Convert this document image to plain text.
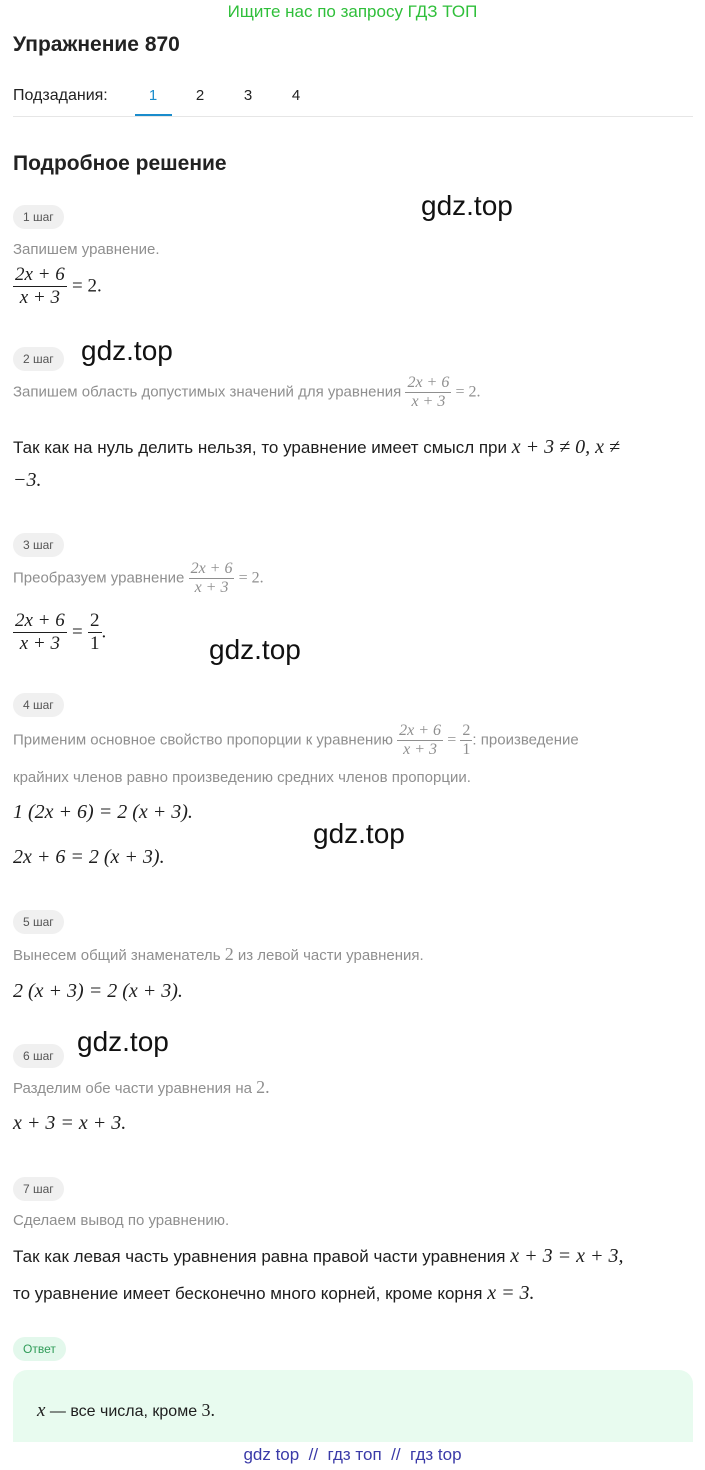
Ищите нас по запросу ГДЗ ТОП
Упражнение 870
Подзадания:	1	2	3	4
Подробное решение
gdz.top
gdz.top
gdz.top
gdz.top
gdz.top
1 шаг
Запишем уравнение.
$\frac{2x + 6}{x + 3} = 2$.
2 шаг
Запишем область допустимых значений для уравнения $\frac{2x + 6}{x + 3} = 2$.
Так как на нуль делить нельзя, то уравнение имеет смысл при x + 3 ≠ 0, x ≠
−3.
3 шаг
Преобразуем уравнение $\frac{2x + 6}{x + 3} = 2$.
$\frac{2x + 6}{x + 3} = \frac{2}{1}$ .
4 шаг
Применим основное свойство пропорции к уравнению $\frac{2x + 6}{x + 3} = \frac{2}{1}$ : произведение
крайних членов равно произведению средних членов пропорции.
1 (2x + 6) = 2 (x + 3).
2x + 6 = 2 (x + 3).
5 шаг
Вынесем общий знаменатель 2 из левой части уравнения.
2 (x + 3) = 2 (x + 3).
6 шаг
Разделим обе части уравнения на 2.
x + 3 = x + 3.
7 шаг
Сделаем вывод по уравнению.
Так как левая часть уравнения равна правой части уравнения x + 3 = x + 3,
то уравнение имеет бесконечно много корней, кроме корня x = 3.
Ответ
x — все числа, кроме 3.
gdz top  //  гдз топ  //  гдз top
